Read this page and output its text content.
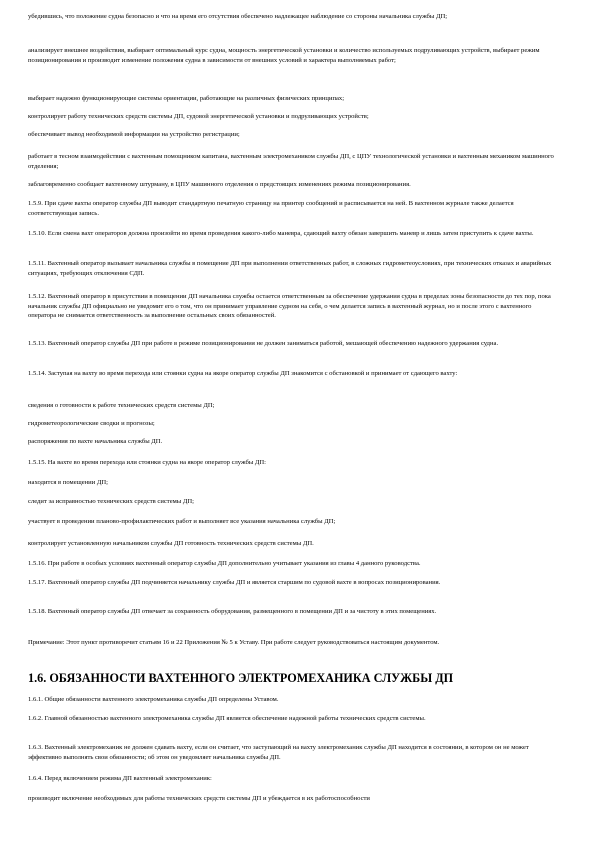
убедившись, что положение судна безопасно и что на время его отсутствия обеспечено надлежащее наблюдение со стороны начальника службы ДП;

анализирует внешнее воздействия, выбирает оптимальный курс судна, мощность энергетической установки и количество используемых подруливающих устройств, выбирает режим позиционирования и производит изменение положения судна в зависимости от внешних условий и характера выполняемых работ;

выбирает надежно функционирующие системы ориентации, работающие на различных физических принципах;

контролирует работу технических средств системы ДП, судовой энергетической установки и подруливающих устройств;

обеспечивает вывод необходимой информации на устройство регистрации;

работает в тесном взаимодействии с вахтенным помощником капитана, вахтенным электромехаником службы ДП, с ЦПУ технологической установки и вахтенным механиком машинного отделения;

заблаговременно сообщает вахтенному штурману, в ЦПУ машинного отделения о предстоящих изменениях режима позиционирования.

1.5.9. При сдаче вахты оператор службы ДП выводит стандартную печатную страницу на принтер сообщений и расписывается на ней. В вахтенном журнале также делается соответствующая запись.

1.5.10. Если смена вахт операторов должна произойти во время проведения какого-либо маневра, сдающий вахту обязан завершить маневр и лишь затем приступить к сдаче вахты.

1.5.11. Вахтенный оператор вызывает начальника службы в помещение ДП при выполнении ответственных работ, в сложных гидрометеоусловиях, при технических отказах и аварийных ситуациях, требующих отключения СДП.

1.5.12. Вахтенный оператор в присутствии в помещении ДП начальника службы остается ответственным за обеспечение удержания судна в пределах зоны безопасности до тех пор, пока начальник службы ДП официально не уведомит его о том, что он принимает управление судном на себя, о чем делается запись в вахтенный журнал, но и после этого с вахтенного оператора не снимается ответственность за выполнение остальных своих обязанностей.

1.5.13. Вахтенный оператор службы ДП при работе в режиме позиционирования не должен заниматься работой, мешающей обеспечению надежного удержания судна.

1.5.14. Заступая на вахту во время перехода или стоянки судна на якоре оператор службы ДП знакомится с обстановкой и принимает от сдающего вахту:

сведения о готовности к работе технических средств системы ДП;

гидрометеорологические сводки и прогнозы;

распоряжения по вахте начальника службы ДП.

1.5.15. На вахте во время перехода или стоянки судна на якоре оператор службы ДП:

находится в помещении ДП;

следит за исправностью технических средств системы ДП;

участвует в проведении планово-профилактических работ и выполняет все указания начальника службы ДП;

контролирует установленную начальником службы ДП готовность технических средств системы ДП.

1.5.16. При работе в особых условиях вахтенный оператор службы ДП дополнительно учитывает указания из главы 4 данного руководства.

1.5.17. Вахтенный оператор службы ДП подчиняется начальнику службы ДП и является старшим по судовой вахте в вопросах позиционирования.

1.5.18. Вахтенный оператор службы ДП отвечает за сохранность оборудования, размещенного в помещении ДП и за чистоту в этих помещениях.

Примечание: Этот пункт противоречит статьям 16 и 22 Приложения № 5 к Уставу. При работе следует руководствоваться настоящим документом.

1.6. ОБЯЗАННОСТИ ВАХТЕННОГО ЭЛЕКТРОМЕХАНИКА СЛУЖБЫ ДП

1.6.1. Общие обязанности вахтенного электромеханика службы ДП определены Уставом.

1.6.2. Главной обязанностью вахтенного электромеханика службы ДП является обеспечение надежной работы технических средств системы.

1.6.3. Вахтенный электромеханик не должен сдавать вахту, если он считает, что заступающий на вахту электромеханик службы ДП находится в состоянии, в котором он не может эффективно выполнять свои обязанности; об этом он уведомляет начальника службы ДП.

1.6.4. Перед включением режима ДП вахтенный электромеханик:

производит включение необходимых для работы технических средств системы ДП и убеждается в их работоспособности
